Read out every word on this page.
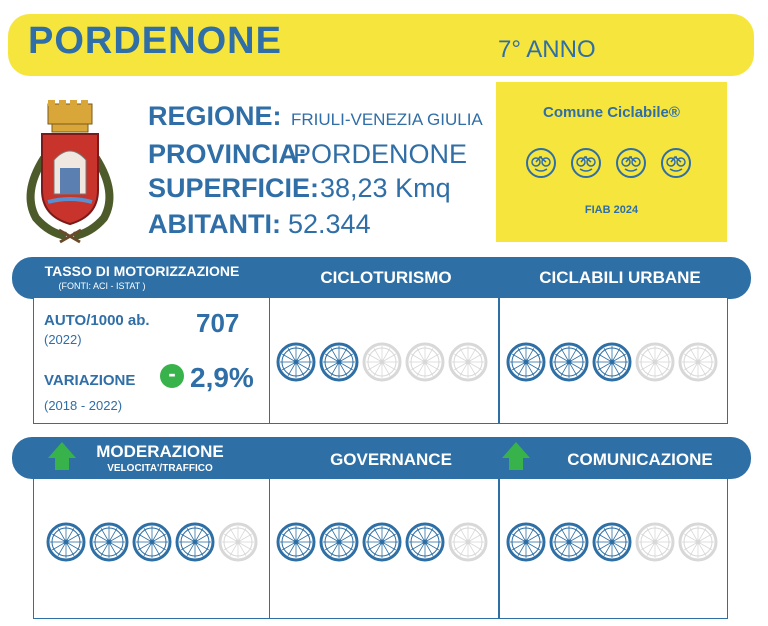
PORDENONE	7° ANNO
REGIONE: FRIULI-VENEZIA GIULIA
PROVINCIA:
PORDENONE
SUPERFICIE: 38,23 Kmq
ABITANTI: 52.344
Comune Ciclabile®
FIAB 2024
TASSO DI MOTORIZZAZIONE
(FONTI: ACI - ISTAT )	CICLOTURISMO	CICLABILI URBANE
AUTO/1000 ab. 707
(2022)
VARIAZIONE	- 2,9%
(2018 - 2022)
MODERAZIONE
VELOCITA'/TRAFFICO	GOVERNANCE	COMUNICAZIONE
